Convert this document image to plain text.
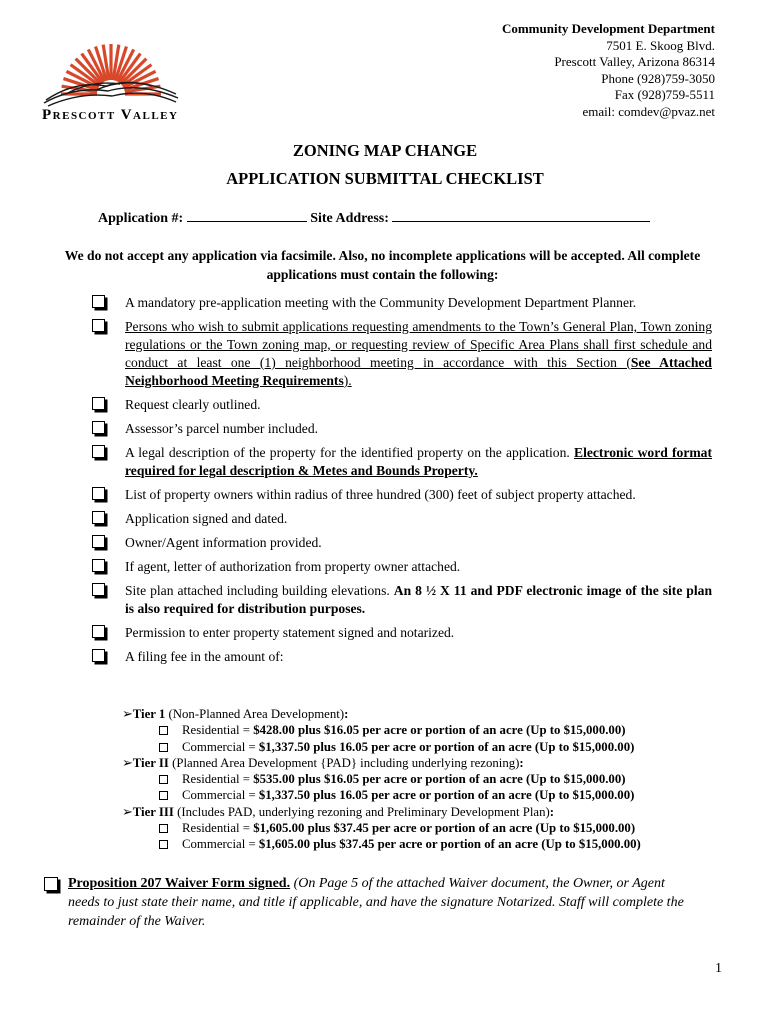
Prescott Valley
Community Development Department
7501 E. Skoog Blvd.
Prescott Valley, Arizona 86314
Phone (928)759-3050
Fax (928)759-5511
email: comdev@pvaz.net
ZONING MAP CHANGE
APPLICATION SUBMITTAL CHECKLIST
Application #:	Site Address:
We do not accept any application via facsimile. Also, no incomplete applications will be accepted. All complete applications must contain the following:
A mandatory pre-application meeting with the Community Development Department Planner.
Persons who wish to submit applications requesting amendments to the Town’s General Plan, Town zoning regulations or the Town zoning map, or requesting review of Specific Area Plans shall first schedule and conduct at least one (1) neighborhood meeting in accordance with this Section (See Attached Neighborhood Meeting Requirements).
Request clearly outlined.
Assessor’s parcel number included.
A legal description of the property for the identified property on the application. Electronic word format required for legal description & Metes and Bounds Property.
List of property owners within radius of three hundred (300) feet of subject property attached.
Application signed and dated.
Owner/Agent information provided.
If agent, letter of authorization from property owner attached.
Site plan attached including building elevations. An 8 ½ X 11 and PDF electronic image of the site plan is also required for distribution purposes.
Permission to enter property statement signed and notarized.
A filing fee in the amount of:
➢Tier 1 (Non-Planned Area Development):
Residential = $428.00 plus $16.05 per acre or portion of an acre (Up to $15,000.00)
Commercial = $1,337.50 plus 16.05 per acre or portion of an acre (Up to $15,000.00)
➢Tier II (Planned Area Development {PAD} including underlying rezoning):
Residential = $535.00 plus $16.05 per acre or portion of an acre (Up to $15,000.00)
Commercial = $1,337.50 plus 16.05 per acre or portion of an acre (Up to $15,000.00)
➢Tier III (Includes PAD, underlying rezoning and Preliminary Development Plan):
Residential = $1,605.00 plus $37.45 per acre or portion of an acre (Up to $15,000.00)
Commercial = $1,605.00 plus $37.45 per acre or portion of an acre (Up to $15,000.00)
Proposition 207 Waiver Form signed. (On Page 5 of the attached Waiver document, the Owner, or Agent needs to just state their name, and title if applicable, and have the signature Notarized. Staff will complete the remainder of the Waiver.
1
